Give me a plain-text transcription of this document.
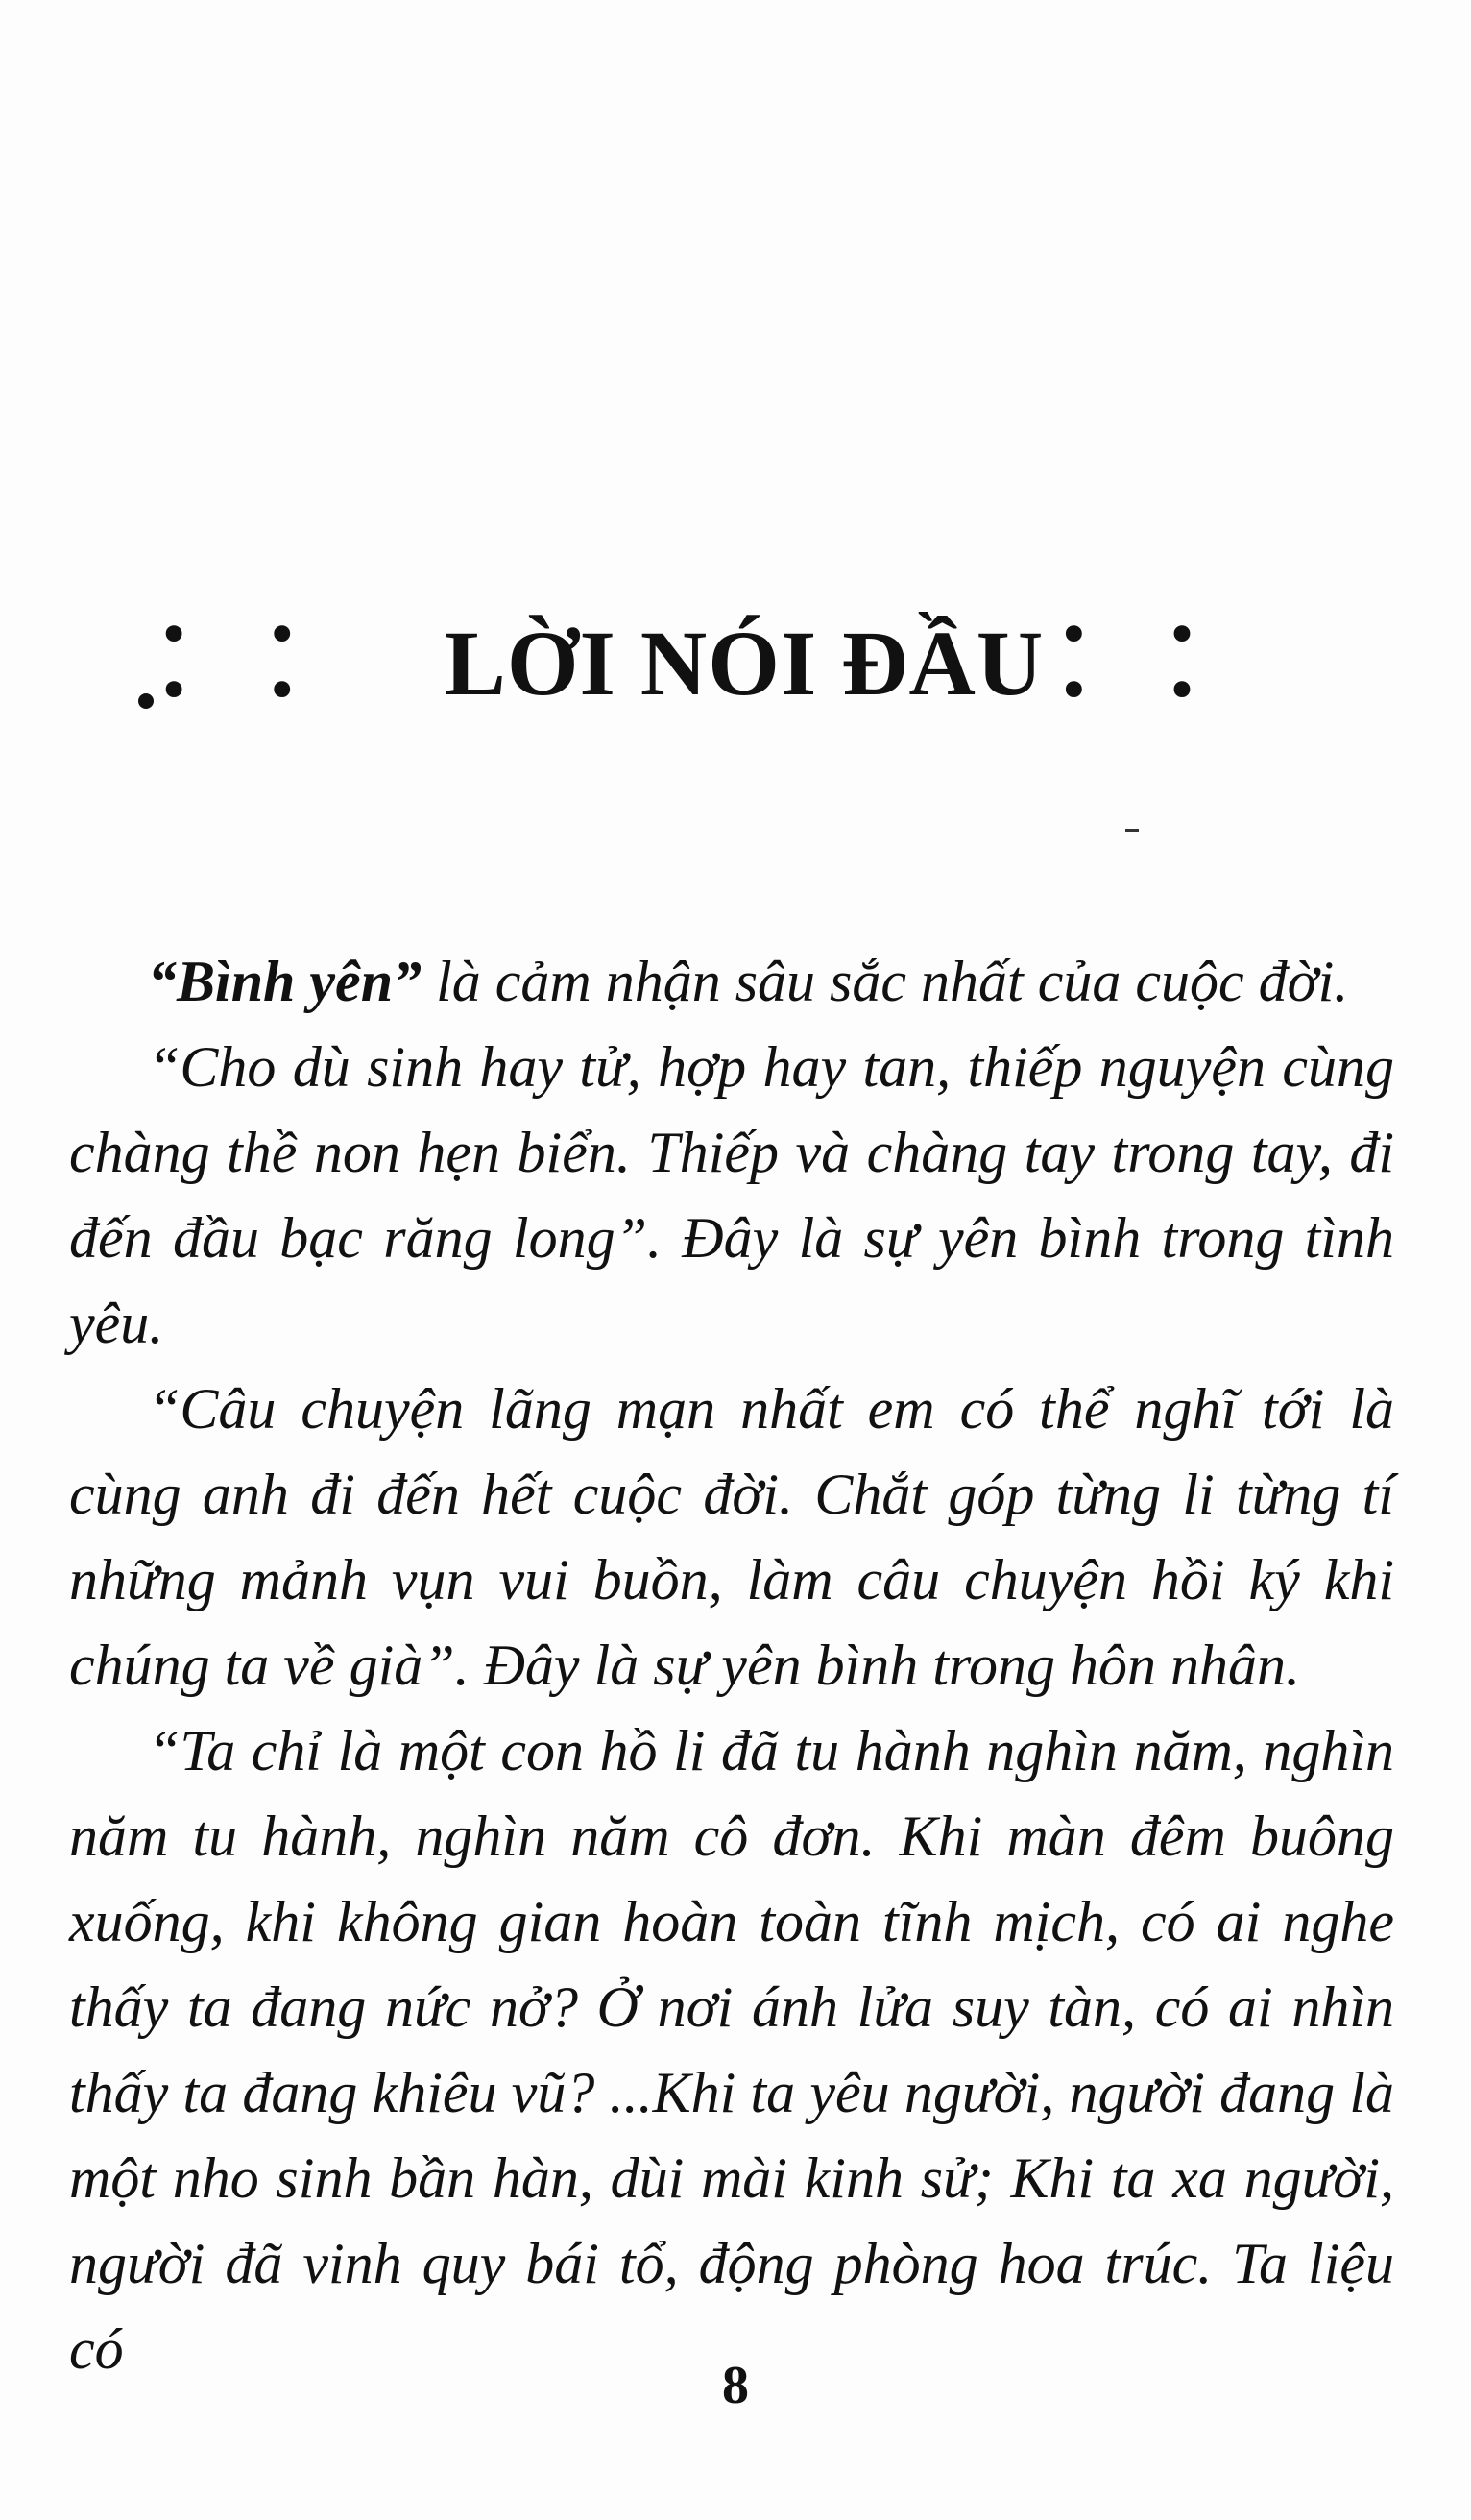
• • • •	LỜI NÓI ĐẦU • • • •

“Bình yên” là cảm nhận sâu sắc nhất của cuộc đời.

“Cho dù sinh hay tử, hợp hay tan, thiếp nguyện cùng chàng thề non hẹn biển. Thiếp và chàng tay trong tay, đi đến đầu bạc răng long”. Đây là sự yên bình trong tình yêu.

“Câu chuyện lãng mạn nhất em có thể nghĩ tới là cùng anh đi đến hết cuộc đời. Chắt góp từng li từng tí những mảnh vụn vui buồn, làm câu chuyện hồi ký khi chúng ta về già”. Đây là sự yên bình trong hôn nhân.

“Ta chỉ là một con hồ li đã tu hành nghìn năm, nghìn năm tu hành, nghìn năm cô đơn. Khi màn đêm buông xuống, khi không gian hoàn toàn tĩnh mịch, có ai nghe thấy ta đang nức nở? Ở nơi ánh lửa suy tàn, có ai nhìn thấy ta đang khiêu vũ? ...Khi ta yêu người, người đang là một nho sinh bần hàn, dùi mài kinh sử; Khi ta xa người, người đã vinh quy bái tổ, động phòng hoa trúc. Ta liệu có

8
